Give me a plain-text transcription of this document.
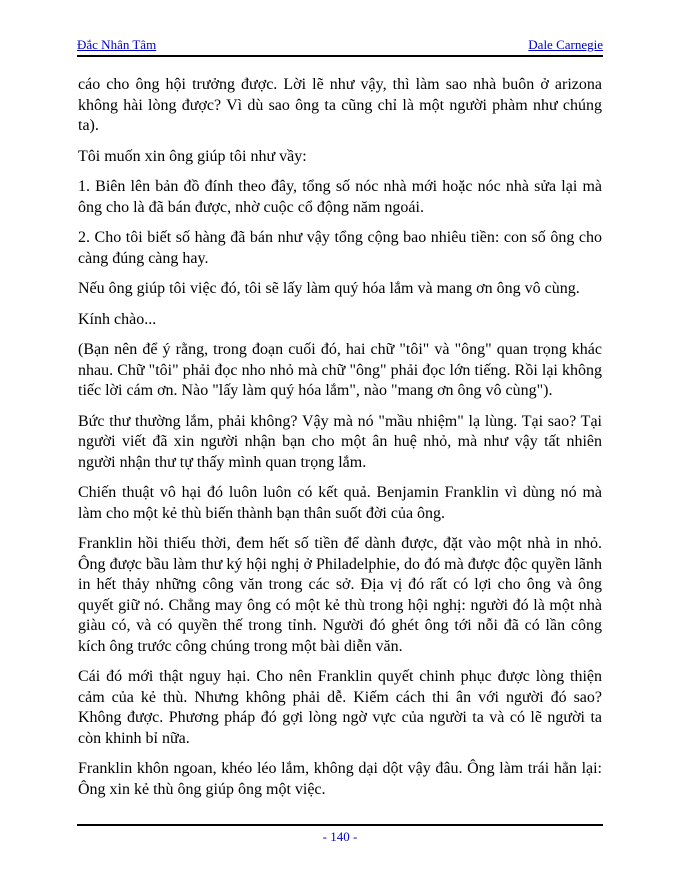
Đắc Nhân Tâm	Dale Carnegie

cáo cho ông hội trưởng được. Lời lẽ như vậy, thì làm sao nhà buôn ở arizona không hài lòng được? Vì dù sao ông ta cũng chỉ là một người phàm như chúng ta).

Tôi muốn xin ông giúp tôi như vầy:

1. Biên lên bản đồ đính theo đây, tổng số nóc nhà mới hoặc nóc nhà sửa lại mà ông cho là đã bán được, nhờ cuộc cổ động năm ngoái.

2. Cho tôi biết số hàng đã bán như vậy tổng cộng bao nhiêu tiền: con số ông cho càng đúng càng hay.

Nếu ông giúp tôi việc đó, tôi sẽ lấy làm quý hóa lắm và mang ơn ông vô cùng.

Kính chào...

(Bạn nên để ý rằng, trong đoạn cuối đó, hai chữ "tôi" và "ông" quan trọng khác nhau. Chữ "tôi" phải đọc nho nhỏ mà chữ "ông" phải đọc lớn tiếng. Rồi lại không tiếc lời cám ơn. Nào "lấy làm quý hóa lắm", nào "mang ơn ông vô cùng").

Bức thư thường lắm, phải không? Vậy mà nó "mầu nhiệm" lạ lùng. Tại sao? Tại người viết đã xin người nhận bạn cho một ân huệ nhỏ, mà như vậy tất nhiên người nhận thư tự thấy mình quan trọng lắm.

Chiến thuật vô hại đó luôn luôn có kết quả. Benjamin Franklin vì dùng nó mà làm cho một kẻ thù biến thành bạn thân suốt đời của ông.

Franklin hồi thiếu thời, đem hết số tiền để dành được, đặt vào một nhà in nhỏ. Ông được bầu làm thư ký hội nghị ở Philadelphie, do đó mà được độc quyền lãnh in hết thảy những công văn trong các sở. Địa vị đó rất có lợi cho ông và ông quyết giữ nó. Chẳng may ông có một kẻ thù trong hội nghị: người đó là một nhà giàu có, và có quyền thế trong tỉnh. Người đó ghét ông tới nỗi đã có lần công kích ông trước công chúng trong một bài diễn văn.

Cái đó mới thật nguy hại. Cho nên Franklin quyết chinh phục được lòng thiện cảm của kẻ thù. Nhưng không phải dễ. Kiếm cách thi ân với người đó sao? Không được. Phương pháp đó gợi lòng ngờ vực của người ta và có lẽ người ta còn khinh bỉ nữa.

Franklin khôn ngoan, khéo léo lắm, không dại dột vậy đâu. Ông làm trái hẳn lại: Ông xin kẻ thù ông giúp ông một việc.

- 140 -
